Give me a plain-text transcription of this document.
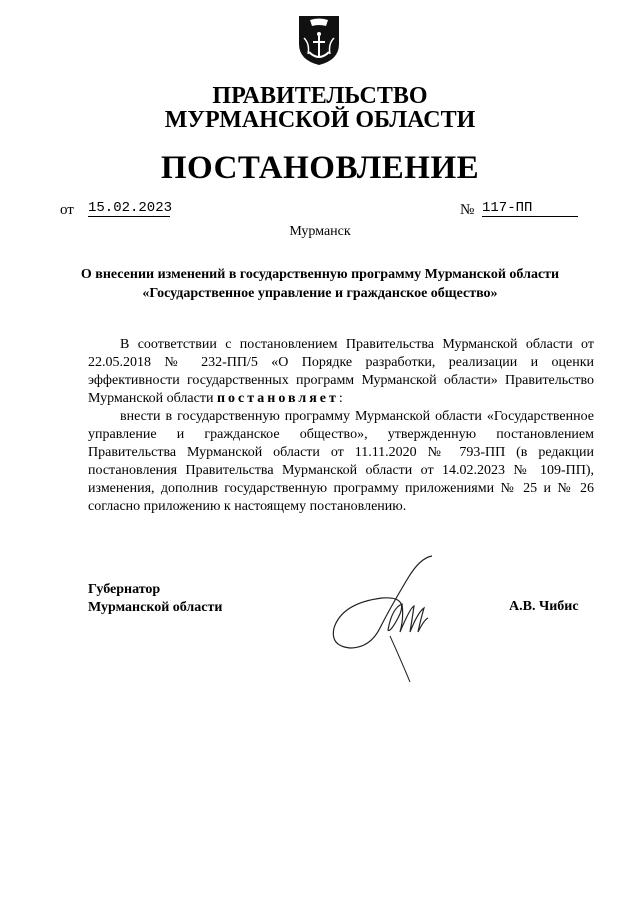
ПРАВИТЕЛЬСТВО
МУРМАНСКОЙ ОБЛАСТИ
ПОСТАНОВЛЕНИЕ
от 15.02.2023	№ 117-ПП
Мурманск
О внесении изменений в государственную программу Мурманской области «Государственное управление и гражданское общество»

В соответствии с постановлением Правительства Мурманской области от 22.05.2018 № 232-ПП/5 «О Порядке разработки, реализации и оценки эффективности государственных программ Мурманской области» Правительство Мурманской области постановляет:

внести в государственную программу Мурманской области «Государственное управление и гражданское общество», утвержденную постановлением Правительства Мурманской области от 11.11.2020 № 793-ПП (в редакции постановления Правительства Мурманской области от 14.02.2023 № 109-ПП), изменения, дополнив государственную программу приложениями № 25 и № 26 согласно приложению к настоящему постановлению.

Губернатор
Мурманской области	А.В. Чибис
